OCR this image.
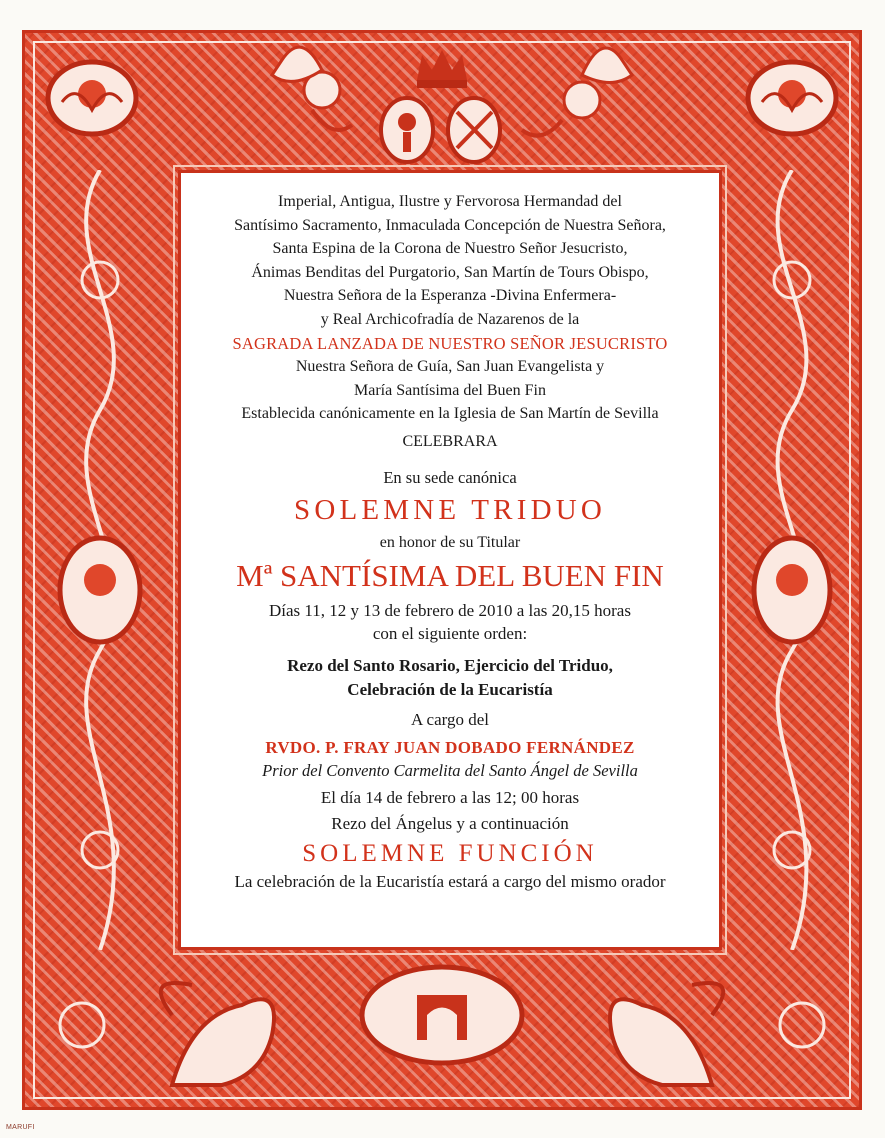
Imperial, Antigua, Ilustre y Fervorosa Hermandad del
Santísimo Sacramento, Inmaculada Concepción de Nuestra Señora,
Santa Espina de la Corona de Nuestro Señor Jesucristo,
Ánimas Benditas del Purgatorio, San Martín de Tours Obispo,
Nuestra Señora de la Esperanza -Divina Enfermera-
y Real Archicofradía de Nazarenos de la
SAGRADA LANZADA DE NUESTRO SEÑOR JESUCRISTO
Nuestra Señora de Guía, San Juan Evangelista y
María Santísima del Buen Fin
Establecida canónicamente en la Iglesia de San Martín de Sevilla
CELEBRARA
En su sede canónica
SOLEMNE TRIDUO
en honor de su Titular
Mª SANTÍSIMA DEL BUEN FIN
Días 11, 12 y 13 de febrero de 2010 a las 20,15 horas
con el siguiente orden:
Rezo del Santo Rosario, Ejercicio del Triduo,
Celebración de la Eucaristía
A cargo del
RVDO. P. FRAY JUAN DOBADO FERNÁNDEZ
Prior del Convento Carmelita del Santo Ángel de Sevilla
El día 14 de febrero a las 12; 00 horas
Rezo del Ángelus y a continuación
SOLEMNE FUNCIÓN
La celebración de la Eucaristía estará a cargo del mismo orador
MARUFI
